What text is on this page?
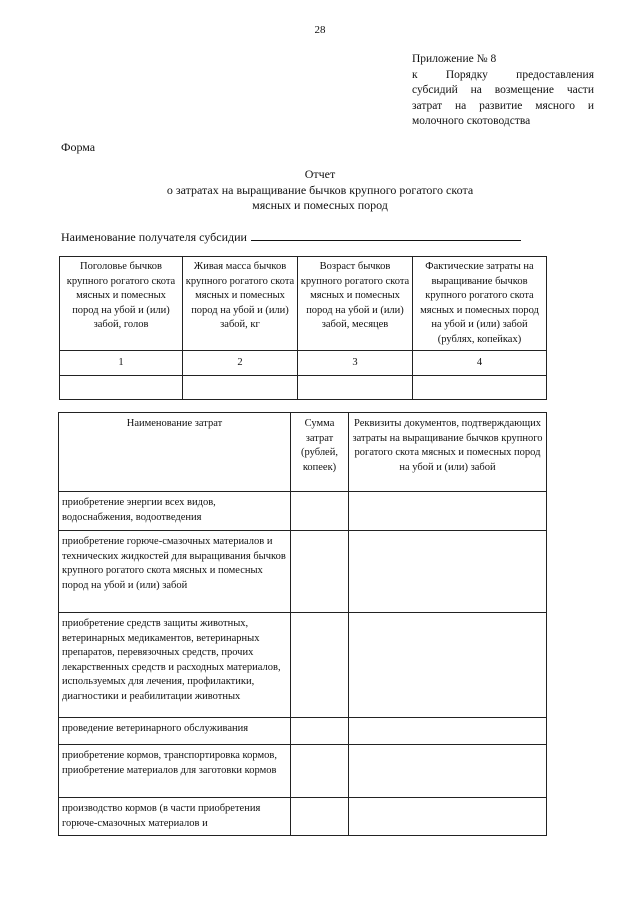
28
Приложение № 8
к Порядку предоставления
субсидий на возмещение части
затрат на развитие мясного и
молочного скотоводства
Форма
Отчет
о затратах на выращивание бычков крупного рогатого скота
мясных и помесных пород
Наименование получателя субсидии
Поголовье бычков крупного рогатого скота мясных и помесных пород на убой и (или) забой, голов	Живая масса бычков крупного рогатого скота мясных и помесных пород на убой и (или) забой, кг	Возраст бычков крупного рогатого скота мясных и помесных пород на убой и (или) забой, месяцев	Фактические затраты на выращивание бычков крупного рогатого скота мясных и помесных пород на убой и (или) забой (рублях, копейках)
1	2	3	4

Наименование затрат	Сумма затрат (рублей, копеек)	Реквизиты документов, подтверждающих затраты на выращивание бычков крупного рогатого скота мясных и помесных пород на убой и (или) забой
приобретение энергии всех видов, водоснабжения, водоотведения		
приобретение горюче-смазочных материалов и технических жидкостей для выращивания бычков крупного рогатого скота мясных и помесных пород на убой и (или) забой		
приобретение средств защиты животных, ветеринарных медикаментов, ветеринарных препаратов, перевязочных средств, прочих лекарственных средств и расходных материалов, используемых для лечения, профилактики, диагностики и реабилитации животных		
проведение ветеринарного обслуживания		
приобретение кормов, транспортировка кормов, приобретение материалов для заготовки кормов		
производство кормов (в части приобретения горюче-смазочных материалов и		
